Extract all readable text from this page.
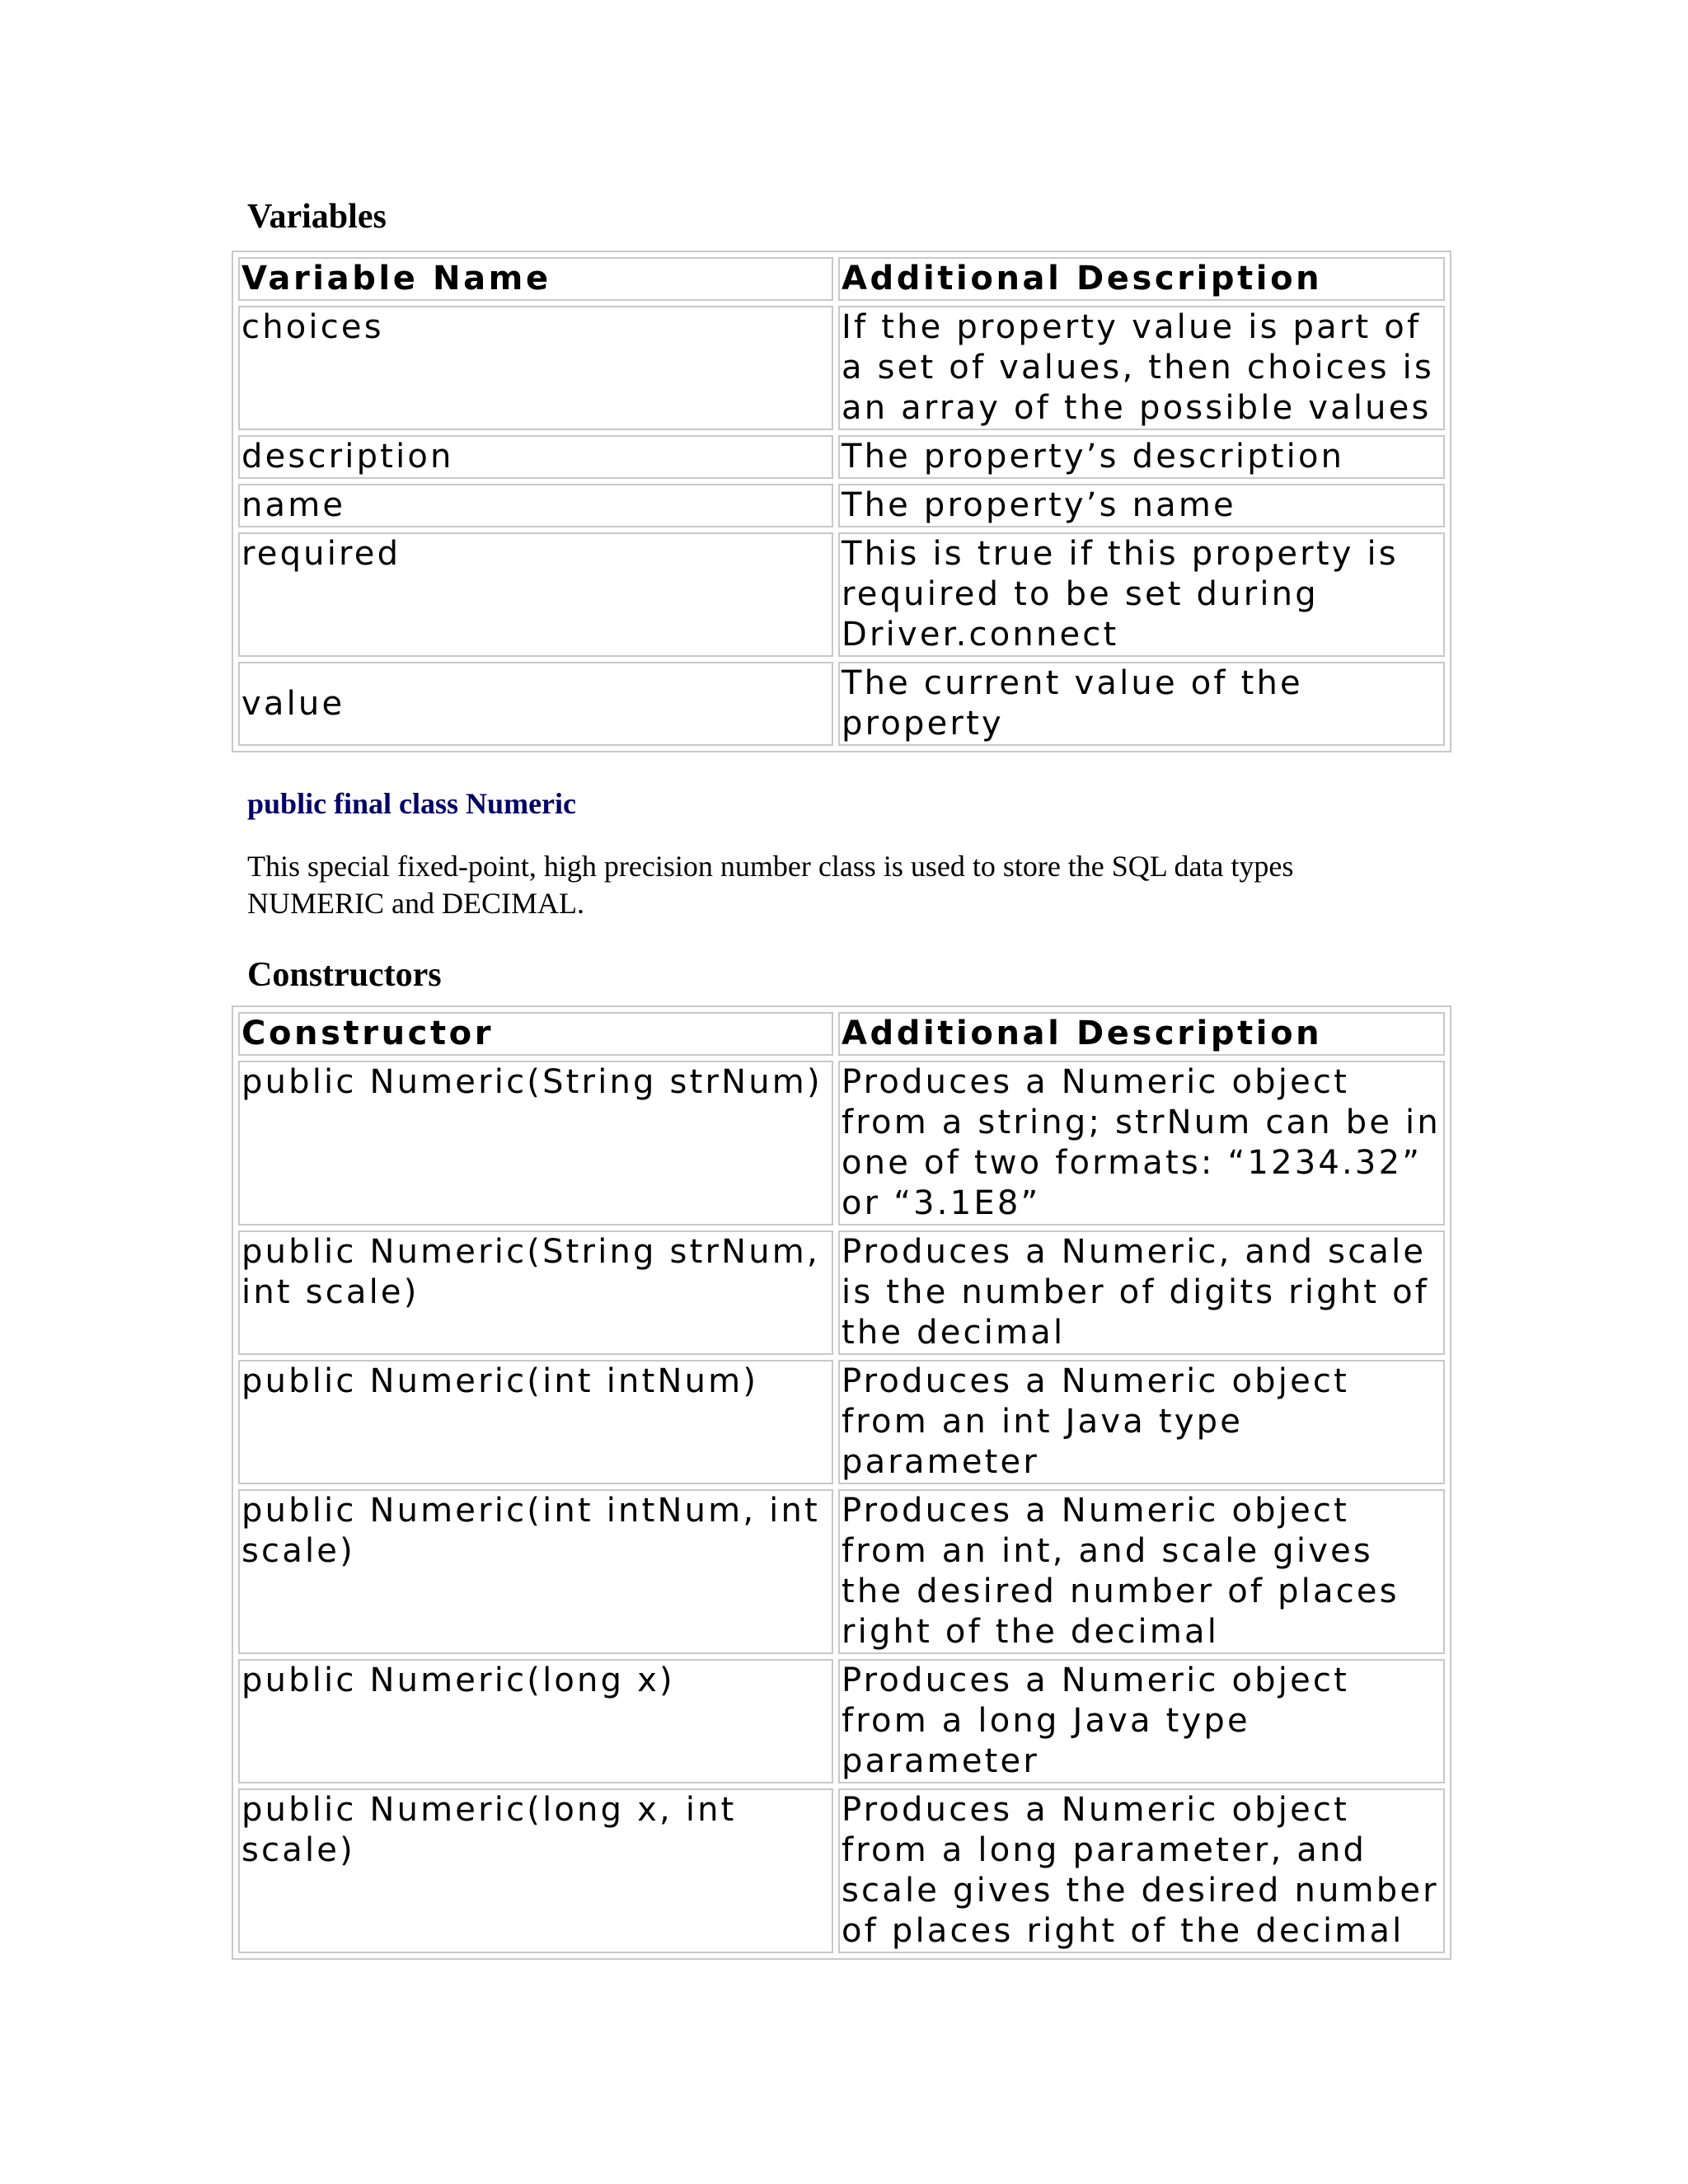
Variables
Variable Name	Additional Description
choices	If the property value is part of a set of values, then choices is an array of the possible values
description	The property’s description
name	The property’s name
required	This is true if this property is required to be set during Driver.connect
value	The current value of the property
public final class Numeric

This special fixed-point, high precision number class is used to store the SQL data types NUMERIC and DECIMAL.

Constructors
Constructor	Additional Description
public Numeric(String strNum)	Produces a Numeric object from a string; strNum can be in one of two formats: “1234.32” or “3.1E8”
public Numeric(String strNum, int scale)	Produces a Numeric, and scale is the number of digits right of the decimal
public Numeric(int intNum)	Produces a Numeric object from an int Java type parameter
public Numeric(int intNum, int scale)	Produces a Numeric object from an int, and scale gives the desired number of places right of the decimal
public Numeric(long x)	Produces a Numeric object from a long Java type parameter
public Numeric(long x, int scale)	Produces a Numeric object from a long parameter, and scale gives the desired number of places right of the decimal
